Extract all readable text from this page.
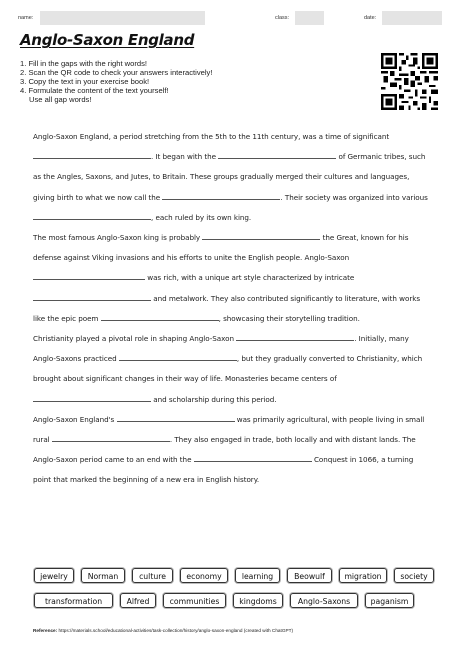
name:	class:	date:
Anglo-Saxon England
1. Fill in the gaps with the right words!
2. Scan the QR code to check your answers interactively!
3. Copy the text in your exercise book!
4. Formulate the content of the text yourself!
Use all gap words!

Anglo-Saxon England, a period stretching from the 5th to the 11th century, was a time of significant . It began with the	of Germanic tribes, such as the Angles, Saxons, and Jutes, to Britain. These groups gradually merged their cultures and languages, giving birth to what we now call the	. Their society was organized into various , each ruled by its own king.

The most famous Anglo-Saxon king is probably	the Great, known for his defense against Viking invasions and his efforts to unite the English people. Anglo-Saxon  was rich, with a unique art style characterized by intricate  and metalwork. They also contributed significantly to literature, with works like the epic poem	, showcasing their storytelling tradition.

Christianity played a pivotal role in shaping Anglo-Saxon	. Initially, many Anglo-Saxons practiced	, but they gradually converted to Christianity, which brought about significant changes in their way of life. Monasteries became centers of  and scholarship during this period.

Anglo-Saxon England's	was primarily agricultural, with people living in small rural	. They also engaged in trade, both locally and with distant lands. The Anglo-Saxon period came to an end with the	Conquest in 1066, a turning point that marked the beginning of a new era in English history.

jewelry	Norman	culture	economy	learning	Beowulf	migration	society
transformation	Alfred	communities	kingdoms	Anglo-Saxons	paganism
Reference: https://materials.school/educational-activities/task-collection/history/anglo-saxon-england (created with ChatGPT)
